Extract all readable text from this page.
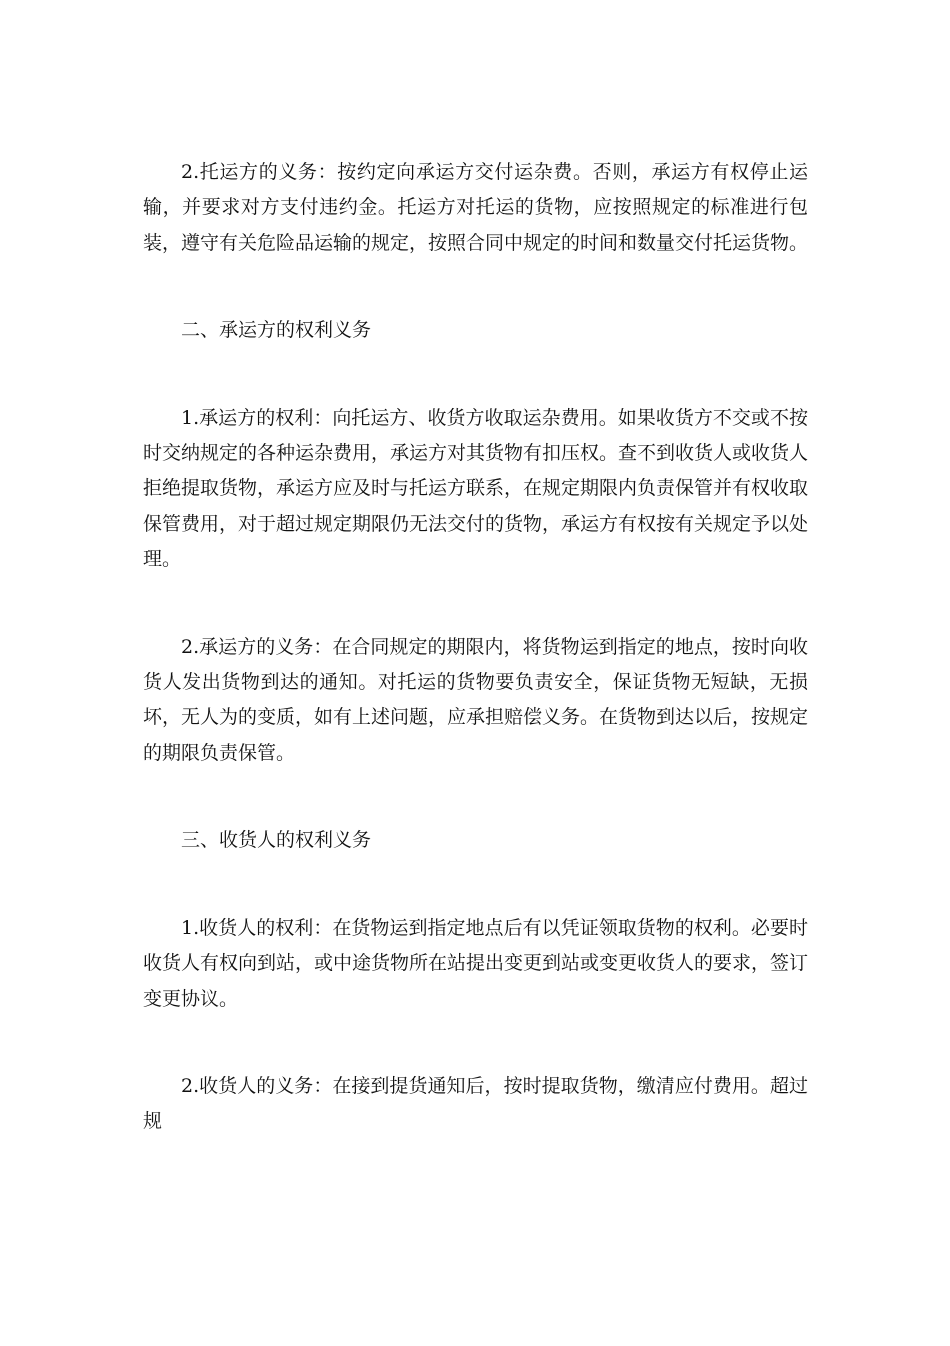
2.托运方的义务：按约定向承运方交付运杂费。否则，承运方有权停止运输，并要求对方支付违约金。托运方对托运的货物，应按照规定的标准进行包装，遵守有关危险品运输的规定，按照合同中规定的时间和数量交付托运货物。

二、承运方的权利义务

1.承运方的权利：向托运方、收货方收取运杂费用。如果收货方不交或不按时交纳规定的各种运杂费用，承运方对其货物有扣压权。查不到收货人或收货人拒绝提取货物，承运方应及时与托运方联系，在规定期限内负责保管并有权收取保管费用，对于超过规定期限仍无法交付的货物，承运方有权按有关规定予以处理。

2.承运方的义务：在合同规定的期限内，将货物运到指定的地点，按时向收货人发出货物到达的通知。对托运的货物要负责安全，保证货物无短缺，无损坏，无人为的变质，如有上述问题，应承担赔偿义务。在货物到达以后，按规定的期限负责保管。

三、收货人的权利义务

1.收货人的权利：在货物运到指定地点后有以凭证领取货物的权利。必要时收货人有权向到站，或中途货物所在站提出变更到站或变更收货人的要求，签订变更协议。

2.收货人的义务：在接到提货通知后，按时提取货物，缴清应付费用。超过规
